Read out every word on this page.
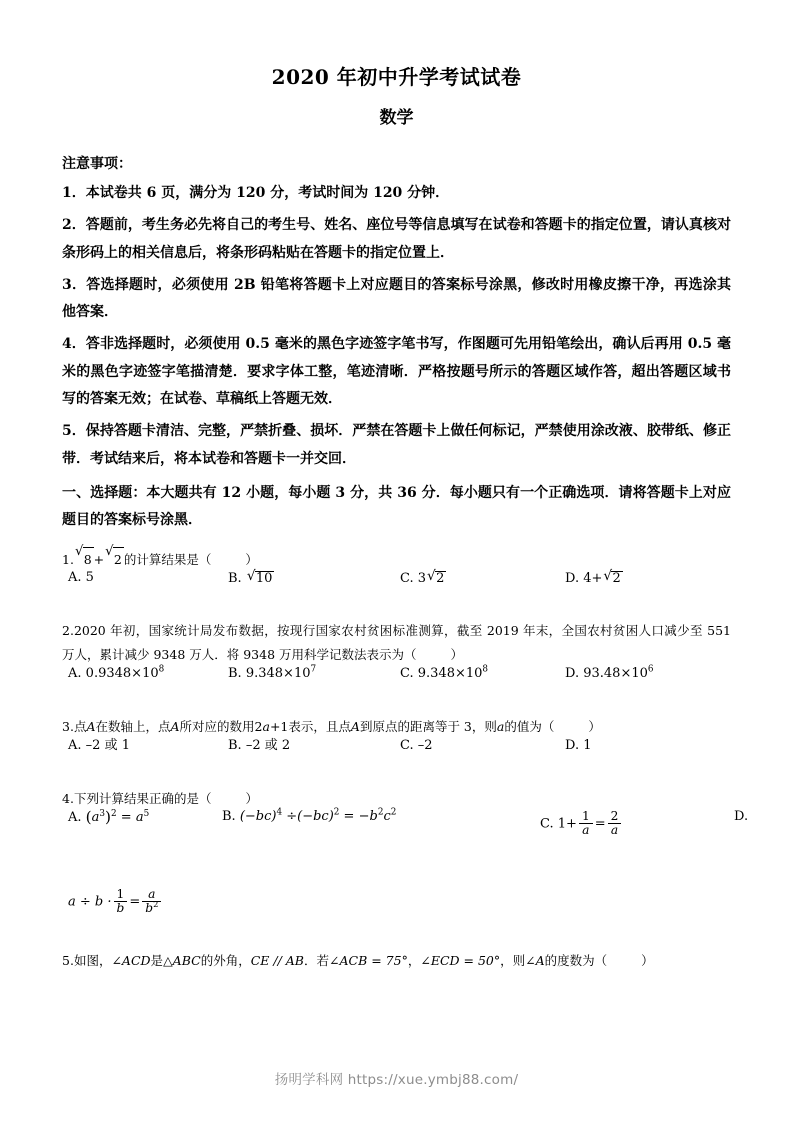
2020 年初中升学考试试卷
数学

注意事项：

1．本试卷共 6 页，满分为 120 分，考试时间为 120 分钟．

2．答题前，考生务必先将自己的考生号、姓名、座位号等信息填写在试卷和答题卡的指定位置，请认真核对条形码上的相关信息后，将条形码粘贴在答题卡的指定位置上．

3．答选择题时，必须使用 2B 铅笔将答题卡上对应题目的答案标号涂黑，修改时用橡皮擦干净，再选涂其他答案．

4．答非选择题时，必须使用 0.5 毫米的黑色字迹签字笔书写，作图题可先用铅笔绘出，确认后再用 0.5 毫米的黑色字迹签字笔描清楚．要求字体工整，笔迹清晰．严格按题号所示的答题区域作答，超出答题区域书写的答案无效；在试卷、草稿纸上答题无效．

5．保持答题卡清洁、完整，严禁折叠、损坏．严禁在答题卡上做任何标记，严禁使用涂改液、胶带纸、修正带．考试结来后，将本试卷和答题卡一并交回．

一、选择题：本大题共有 12 小题，每小题 3 分，共 36 分．每小题只有一个正确选项．请将答题卡上对应题目的答案标号涂黑．

1. √ 8 + √ 2 的计算结果是（	）

A. 5	B. √ 10	C. 3 √ 2	D. 4+ √ 2

2.2020 年初，国家统计局发布数据，按现行国家农村贫困标准测算，截至 2019 年末，全国农村贫困人口减少至 551 万人，累计减少 9348 万人．将 9348 万用科学记数法表示为（	）

A. $0.9348\times 10^8$	B. $9.348\times 10^7$	C. $9.348\times 10^8$	D. $93.48\times 10^6$

3.点A在数轴上，点A所对应的数用2a+1表示，且点A到原点的距离等于 3，则a的值为（	）

A. –2 或 1	B. –2 或 2	C. –2	D. 1

4.下列计算结果正确的是（	）

A. $(a^3)^2 = a^5$	B. $(-bc)^4 \div(-bc)^2 = -b^2c^2$
C. $1+ \frac{1}{a} = \frac{2}{a}$	D.
$a \div b \cdot \frac{1}{b} = \frac{a}{b^2}$

5.如图，∠ACD是△ABC的外角，CE // AB．若∠ACB = 75°，∠ECD = 50°，则∠A的度数为（	）

扬明学科网 https://xue.ymbj88.com/
